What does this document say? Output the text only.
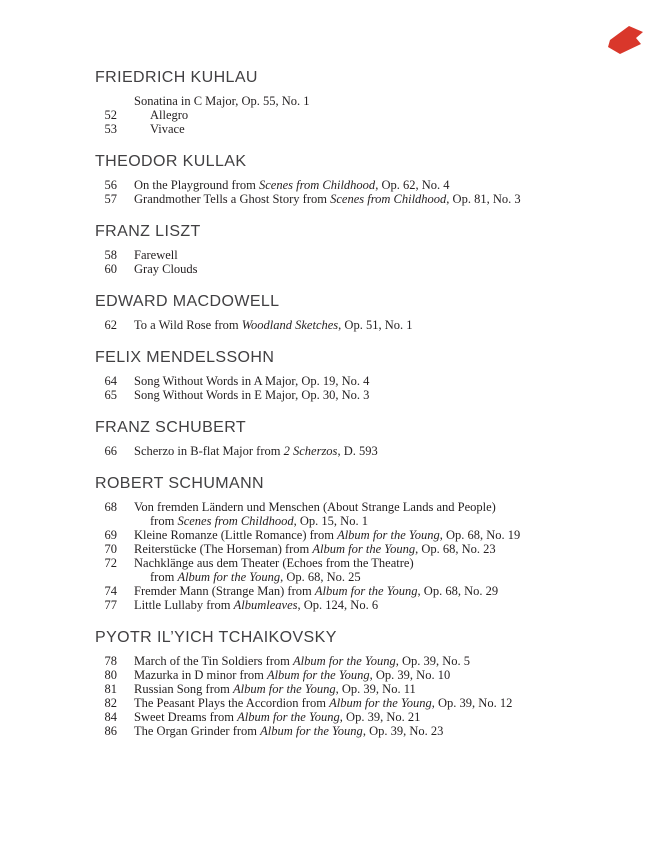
FRIEDRICH KUHLAU
Sonatina in C Major, Op. 55, No. 1
52	Allegro
53	Vivace
THEODOR KULLAK
56 On the Playground from Scenes from Childhood, Op. 62, No. 4
57 Grandmother Tells a Ghost Story from Scenes from Childhood, Op. 81, No. 3
FRANZ LISZT
58 Farewell
60 Gray Clouds
EDWARD MACDOWELL
62 To a Wild Rose from Woodland Sketches, Op. 51, No. 1
FELIX MENDELSSOHN
64 Song Without Words in A Major, Op. 19, No. 4
65 Song Without Words in E Major, Op. 30, No. 3
FRANZ SCHUBERT
66 Scherzo in B-flat Major from 2 Scherzos, D. 593
ROBERT SCHUMANN
68 Von fremden Ländern und Menschen (About Strange Lands and People)
from Scenes from Childhood, Op. 15, No. 1
69 Kleine Romanze (Little Romance) from Album for the Young, Op. 68, No. 19
70 Reiterstücke (The Horseman) from Album for the Young, Op. 68, No. 23
72 Nachklänge aus dem Theater (Echoes from the Theatre)
from Album for the Young, Op. 68, No. 25
74 Fremder Mann (Strange Man) from Album for the Young, Op. 68, No. 29
77 Little Lullaby from Albumleaves, Op. 124, No. 6
PYOTR IL’YICH TCHAIKOVSKY
78 March of the Tin Soldiers from Album for the Young, Op. 39, No. 5
80 Mazurka in D minor from Album for the Young, Op. 39, No. 10
81 Russian Song from Album for the Young, Op. 39, No. 11
82 The Peasant Plays the Accordion from Album for the Young, Op. 39, No. 12
84 Sweet Dreams from Album for the Young, Op. 39, No. 21
86 The Organ Grinder from Album for the Young, Op. 39, No. 23
